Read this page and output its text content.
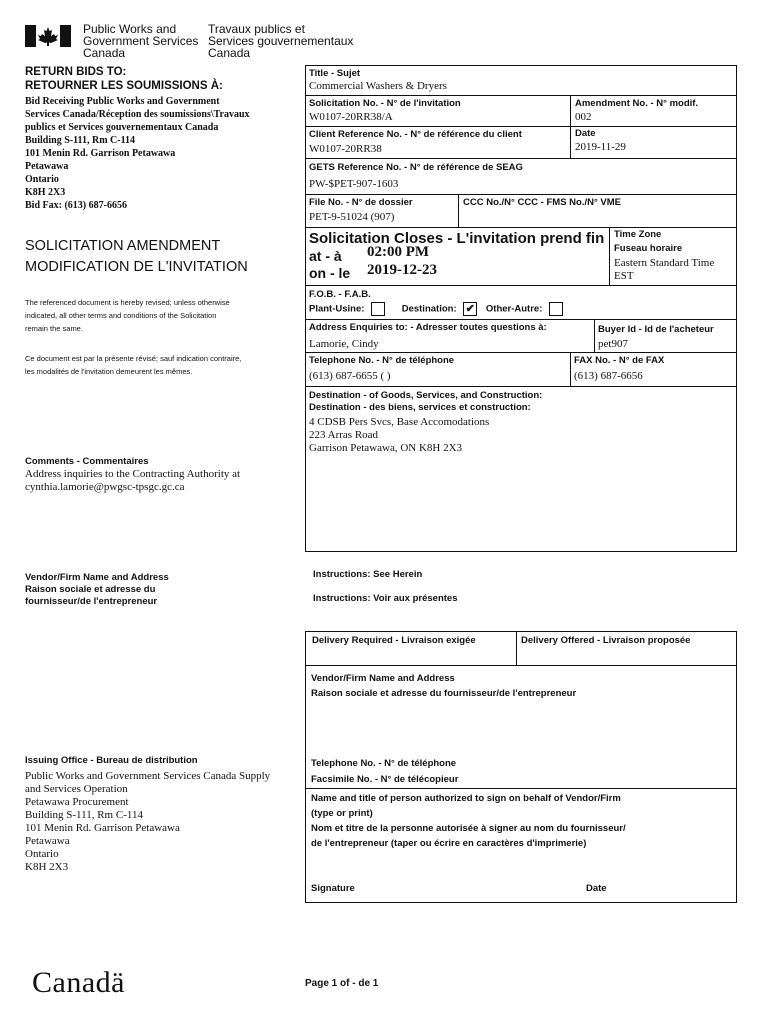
Public Works and
Government Services
Canada
Travaux publics et
Services gouvernementaux
Canada
RETURN BIDS TO:
RETOURNER LES SOUMISSIONS À:
Bid Receiving Public Works and Government
Services Canada/Réception des soumissions\Travaux
publics et Services gouvernementaux Canada
Building S-111, Rm C-114
101 Menin Rd. Garrison Petawawa
Petawawa
Ontario
K8H 2X3
Bid Fax: (613) 687-6656
SOLICITATION AMENDMENT
MODIFICATION DE L'INVITATION
The referenced document is hereby revised; unless otherwise
indicated, all other terms and conditions of the Solicitation
remain the same.
Ce document est par la présente révisé; sauf indication contraire,
les modalités de l'invitation demeurent les mêmes.
Comments - Commentaires
Address inquiries to the Contracting Authority at
cynthia.lamorie@pwgsc-tpsgc.gc.ca
Vendor/Firm Name and Address
Raison sociale et adresse du
fournisseur/de l'entrepreneur
Issuing Office - Bureau de distribution
Public Works and Government Services Canada Supply
and Services Operation
Petawawa Procurement
Building S-111, Rm C-114
101 Menin Rd. Garrison Petawawa
Petawawa
Ontario
K8H 2X3
Title - Sujet
Commercial Washers & Dryers
Solicitation No. - N° de l'invitation
W0107-20RR38/A
Amendment No. - N° modif.
002
Client Reference No. - N° de référence du client
W0107-20RR38
Date
2019-11-29
GETS Reference No. - N° de référence de SEAG
PW-$PET-907-1603
File No. - N° de dossier
PET-9-51024 (907)
CCC No./N° CCC - FMS No./N° VME
Solicitation Closes - L'invitation prend fin
at - à 02:00 PM
on - le 2019-12-23
Time Zone
Fuseau horaire
Eastern Standard Time
EST
F.O.B. - F.A.B.
Plant-Usine:	Destination: ✔ Other-Autre:
Address Enquiries to: - Adresser toutes questions à:
Lamorie, Cindy
Buyer Id - Id de l'acheteur
pet907
Telephone No. - N° de téléphone
(613) 687-6655 ( )
FAX No. - N° de FAX
(613) 687-6656
Destination - of Goods, Services, and Construction:
Destination - des biens, services et construction:
4 CDSB Pers Svcs, Base Accomodations
223 Arras Road
Garrison Petawawa, ON K8H 2X3
Instructions: See Herein
Instructions: Voir aux présentes
Delivery Required - Livraison exigée	Delivery Offered - Livraison proposée
Vendor/Firm Name and Address
Raison sociale et adresse du fournisseur/de l'entrepreneur
Telephone No. - N° de téléphone
Facsimile No. - N° de télécopieur
Name and title of person authorized to sign on behalf of Vendor/Firm
(type or print)
Nom et titre de la personne autorisée à signer au nom du fournisseur/
de l'entrepreneur (taper ou écrire en caractères d'imprimerie)
Signature	Date
Canadä	Page 1 of - de 1
